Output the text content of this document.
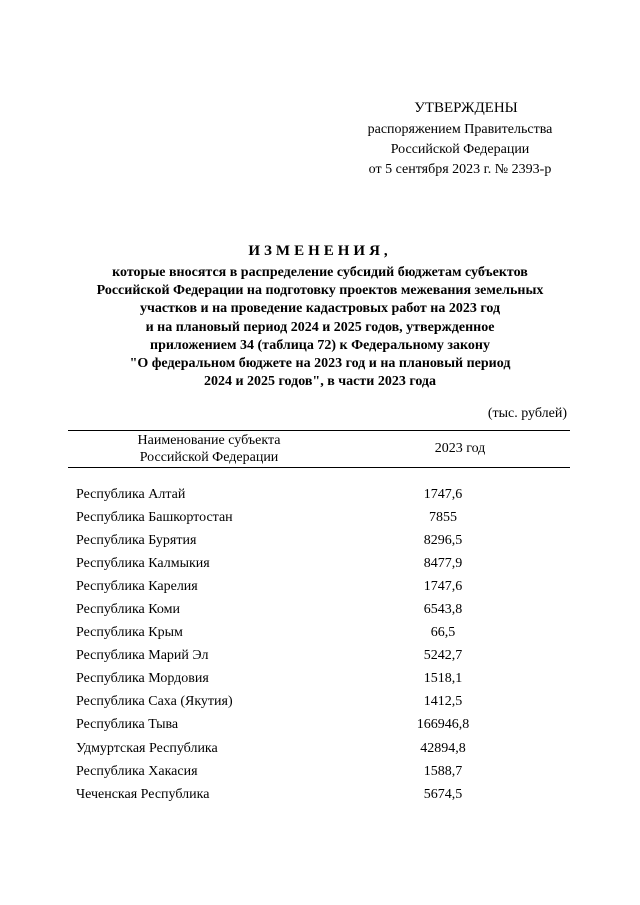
УТВЕРЖДЕНЫ
распоряжением Правительства
Российской Федерации
от 5 сентября 2023 г. № 2393-р
ИЗМЕНЕНИЯ,
которые вносятся в распределение субсидий бюджетам субъектов
Российской Федерации на подготовку проектов межевания земельных
участков и на проведение кадастровых работ на 2023 год
и на плановый период 2024 и 2025 годов, утвержденное
приложением 34 (таблица 72) к Федеральному закону
"О федеральном бюджете на 2023 год и на плановый период
2024 и 2025 годов", в части 2023 года
(тыс. рублей)
Наименование субъекта
Российской Федерации
2023 год
Республика Алтай	1747,6
Республика Башкортостан	7855
Республика Бурятия	8296,5
Республика Калмыкия	8477,9
Республика Карелия	1747,6
Республика Коми	6543,8
Республика Крым	66,5
Республика Марий Эл	5242,7
Республика Мордовия	1518,1
Республика Саха (Якутия)	1412,5
Республика Тыва	166946,8
Удмуртская Республика	42894,8
Республика Хакасия	1588,7
Чеченская Республика	5674,5
